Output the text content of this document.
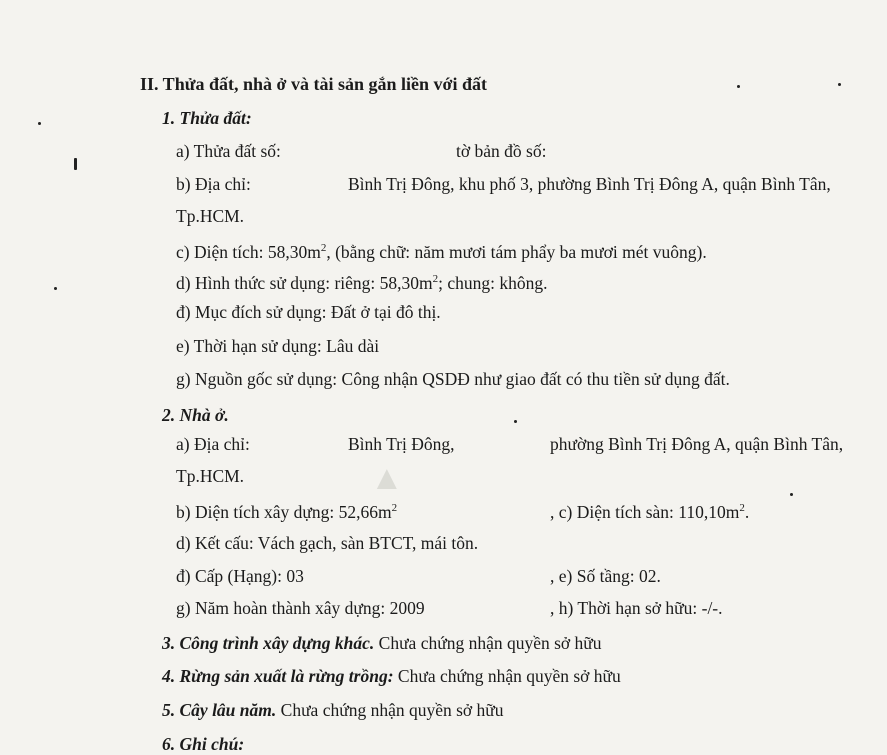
▲
II. Thửa đất, nhà ở và tài sản gắn liền với đất
1. Thửa đất:
a) Thửa đất số:	tờ bản đồ số:
b) Địa chỉ:	Bình Trị Đông, khu phố 3, phường Bình Trị Đông A, quận Bình Tân,
Tp.HCM.
c) Diện tích: $58,30m^2$, (bằng chữ: năm mươi tám phẩy ba mươi mét vuông).
d) Hình thức sử dụng: riêng: $58,30m^2$; chung: không.
đ) Mục đích sử dụng: Đất ở tại đô thị.
e) Thời hạn sử dụng: Lâu dài
g) Nguồn gốc sử dụng: Công nhận QSDĐ như giao đất có thu tiền sử dụng đất.
2. Nhà ở.
a) Địa chỉ:	Bình Trị Đông,	phường Bình Trị Đông A, quận Bình Tân,
Tp.HCM.
b) Diện tích xây dựng: $52,66m^2$	, c) Diện tích sàn: $110,10m^2$.
d) Kết cấu: Vách gạch, sàn BTCT, mái tôn.
đ) Cấp (Hạng): 03	, e) Số tầng: 02.
g) Năm hoàn thành xây dựng: 2009	, h) Thời hạn sở hữu: -/-.
3. Công trình xây dựng khác. Chưa chứng nhận quyền sở hữu
4. Rừng sản xuất là rừng trồng: Chưa chứng nhận quyền sở hữu
5. Cây lâu năm. Chưa chứng nhận quyền sở hữu
6. Ghi chú:
